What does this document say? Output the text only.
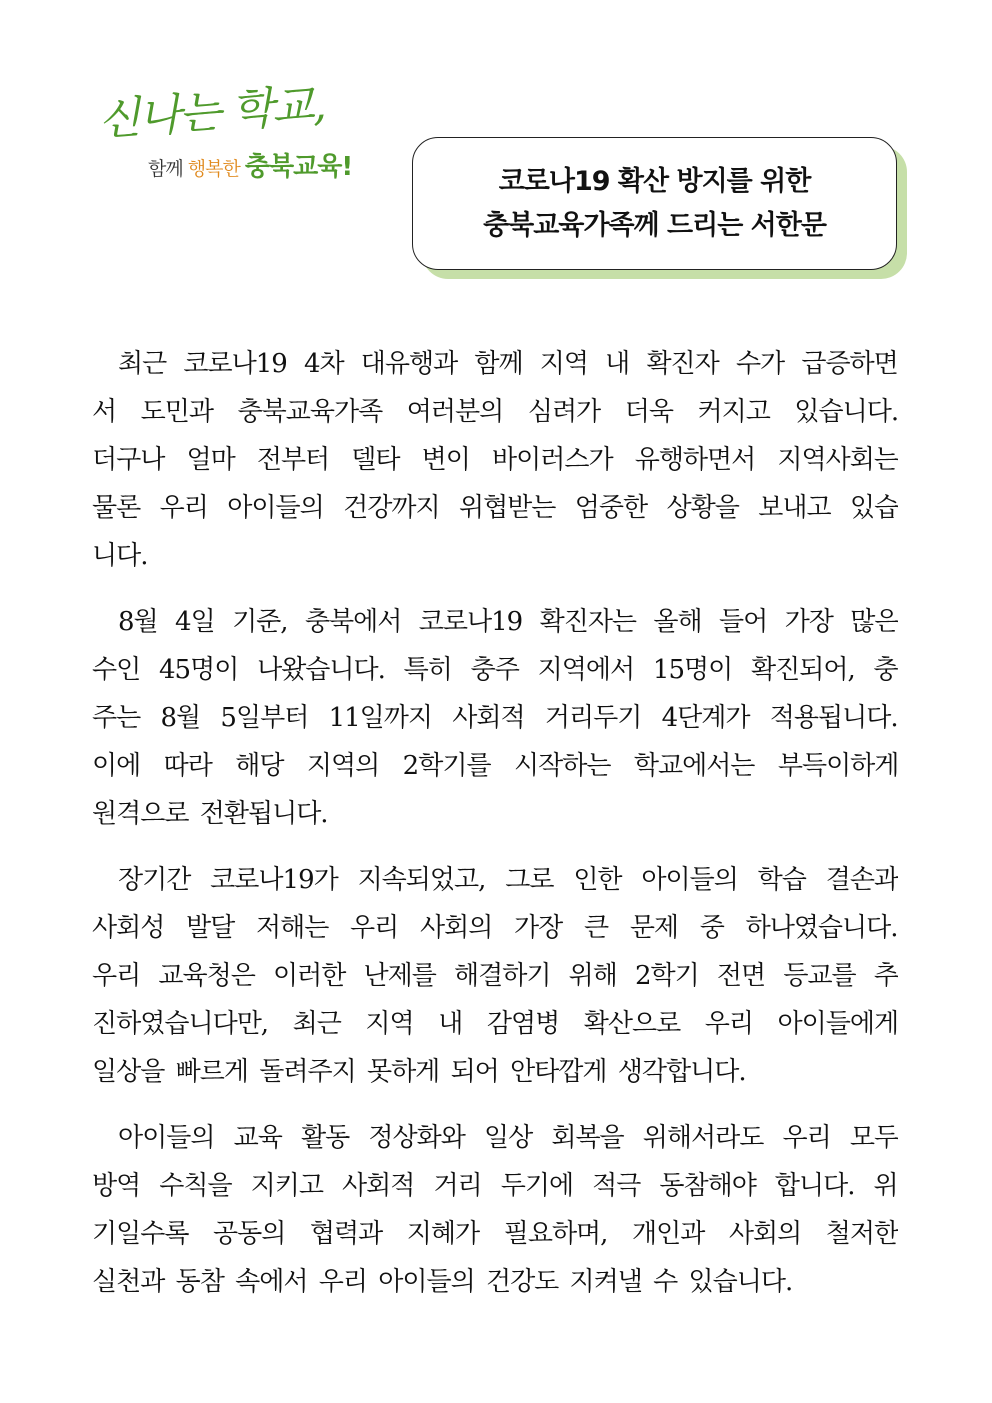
신나는 학교,
함께 행복한 충북교육!	코로나19 확산 방지를 위한
충북교육가족께 드리는 서한문
최근 코로나19 4차 대유행과 함께 지역 내 확진자 수가 급증하면
서 도민과 충북교육가족 여러분의 심려가 더욱 커지고 있습니다.
더구나 얼마 전부터 델타 변이 바이러스가 유행하면서 지역사회는
물론 우리 아이들의 건강까지 위협받는 엄중한 상황을 보내고 있습
니다.
8월 4일 기준, 충북에서 코로나19 확진자는 올해 들어 가장 많은
수인 45명이 나왔습니다. 특히 충주 지역에서 15명이 확진되어, 충
주는 8월 5일부터 11일까지 사회적 거리두기 4단계가 적용됩니다.
이에 따라 해당 지역의 2학기를 시작하는 학교에서는 부득이하게
원격으로 전환됩니다.
장기간 코로나19가 지속되었고, 그로 인한 아이들의 학습 결손과
사회성 발달 저해는 우리 사회의 가장 큰 문제 중 하나였습니다.
우리 교육청은 이러한 난제를 해결하기 위해 2학기 전면 등교를 추
진하였습니다만, 최근 지역 내 감염병 확산으로 우리 아이들에게
일상을 빠르게 돌려주지 못하게 되어 안타깝게 생각합니다.
아이들의 교육 활동 정상화와 일상 회복을 위해서라도 우리 모두
방역 수칙을 지키고 사회적 거리 두기에 적극 동참해야 합니다. 위
기일수록 공동의 협력과 지혜가 필요하며, 개인과 사회의 철저한
실천과 동참 속에서 우리 아이들의 건강도 지켜낼 수 있습니다.
